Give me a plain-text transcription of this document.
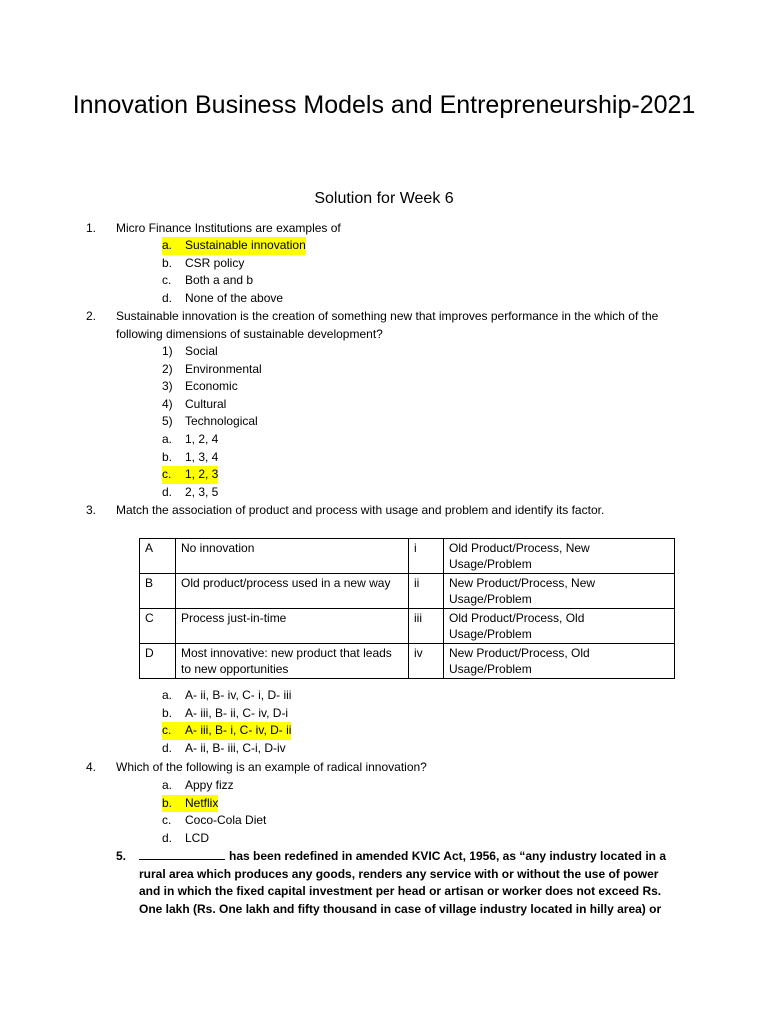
Innovation Business Models and Entrepreneurship-2021
Solution for Week 6
1. Micro Finance Institutions are examples of
a. Sustainable innovation
b. CSR policy
c. Both a and b
d. None of the above
2. Sustainable innovation is the creation of something new that improves performance in the which of the following dimensions of sustainable development?
1) Social
2) Environmental
3) Economic
4) Cultural
5) Technological
a. 1, 2, 4
b. 1, 3, 4
c. 1, 2, 3
d. 2, 3, 5
3. Match the association of product and process with usage and problem and identify its factor.
A	No innovation	i	Old Product/Process, New Usage/Problem
B	Old product/process used in a new way	ii	New Product/Process, New Usage/Problem
C	Process just-in-time	iii	Old Product/Process, Old Usage/Problem
D	Most innovative: new product that leads to new opportunities	iv	New Product/Process, Old Usage/Problem
a. A- ii, B- iv, C- i, D- iii
b. A- iii, B- ii, C- iv, D-i
c. A- iii, B- i, C- iv, D- ii
d. A- ii, B- iii, C-i, D-iv
4. Which of the following is an example of radical innovation?
a. Appy fizz
b. Netflix
c. Coco-Cola Diet
d. LCD
5.	has been redefined in amended KVIC Act, 1956, as “any industry located in a rural area which produces any goods, renders any service with or without the use of power and in which the fixed capital investment per head or artisan or worker does not exceed Rs. One lakh (Rs. One lakh and fifty thousand in case of village industry located in hilly area) or
